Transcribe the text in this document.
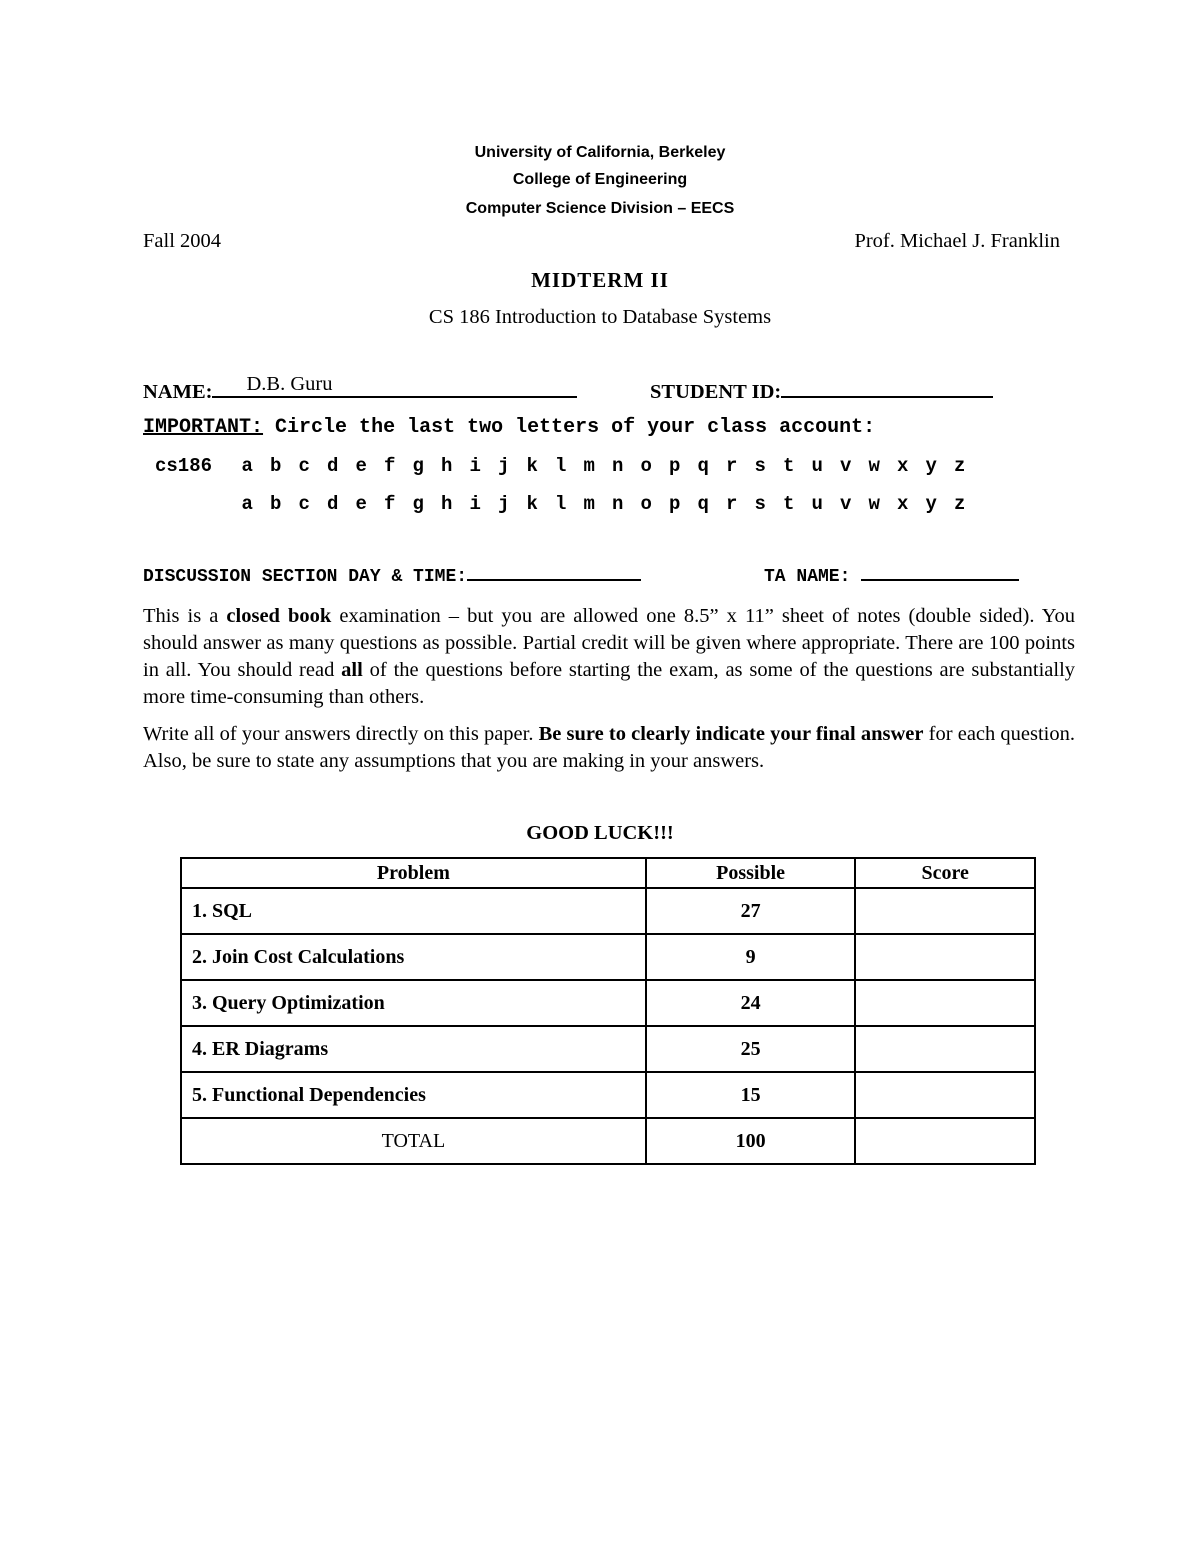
University of California, Berkeley
College of Engineering
Computer Science Division – EECS
Fall 2004	Prof. Michael J. Franklin
MIDTERM II
CS 186 Introduction to Database Systems
NAME: D.B. Guru	STUDENT ID:
IMPORTANT: Circle the last two letters of your class account:
cs186 a b c d e f g h i j k l m n o p q r s t u v w x y z
a b c d e f g h i j k l m n o p q r s t u v w x y z
DISCUSSION SECTION DAY & TIME:	TA NAME:

This is a closed book examination – but you are allowed one 8.5” x 11” sheet of notes (double sided). You should answer as many questions as possible. Partial credit will be given where appropriate. There are 100 points in all. You should read all of the questions before starting the exam, as some of the questions are substantially more time-consuming than others.

Write all of your answers directly on this paper. Be sure to clearly indicate your final answer for each question. Also, be sure to state any assumptions that you are making in your answers.

GOOD LUCK!!!
Problem	Possible	Score
1. SQL	27	
2. Join Cost Calculations	9	
3. Query Optimization	24	
4. ER Diagrams	25	
5. Functional Dependencies	15	
TOTAL	100	
